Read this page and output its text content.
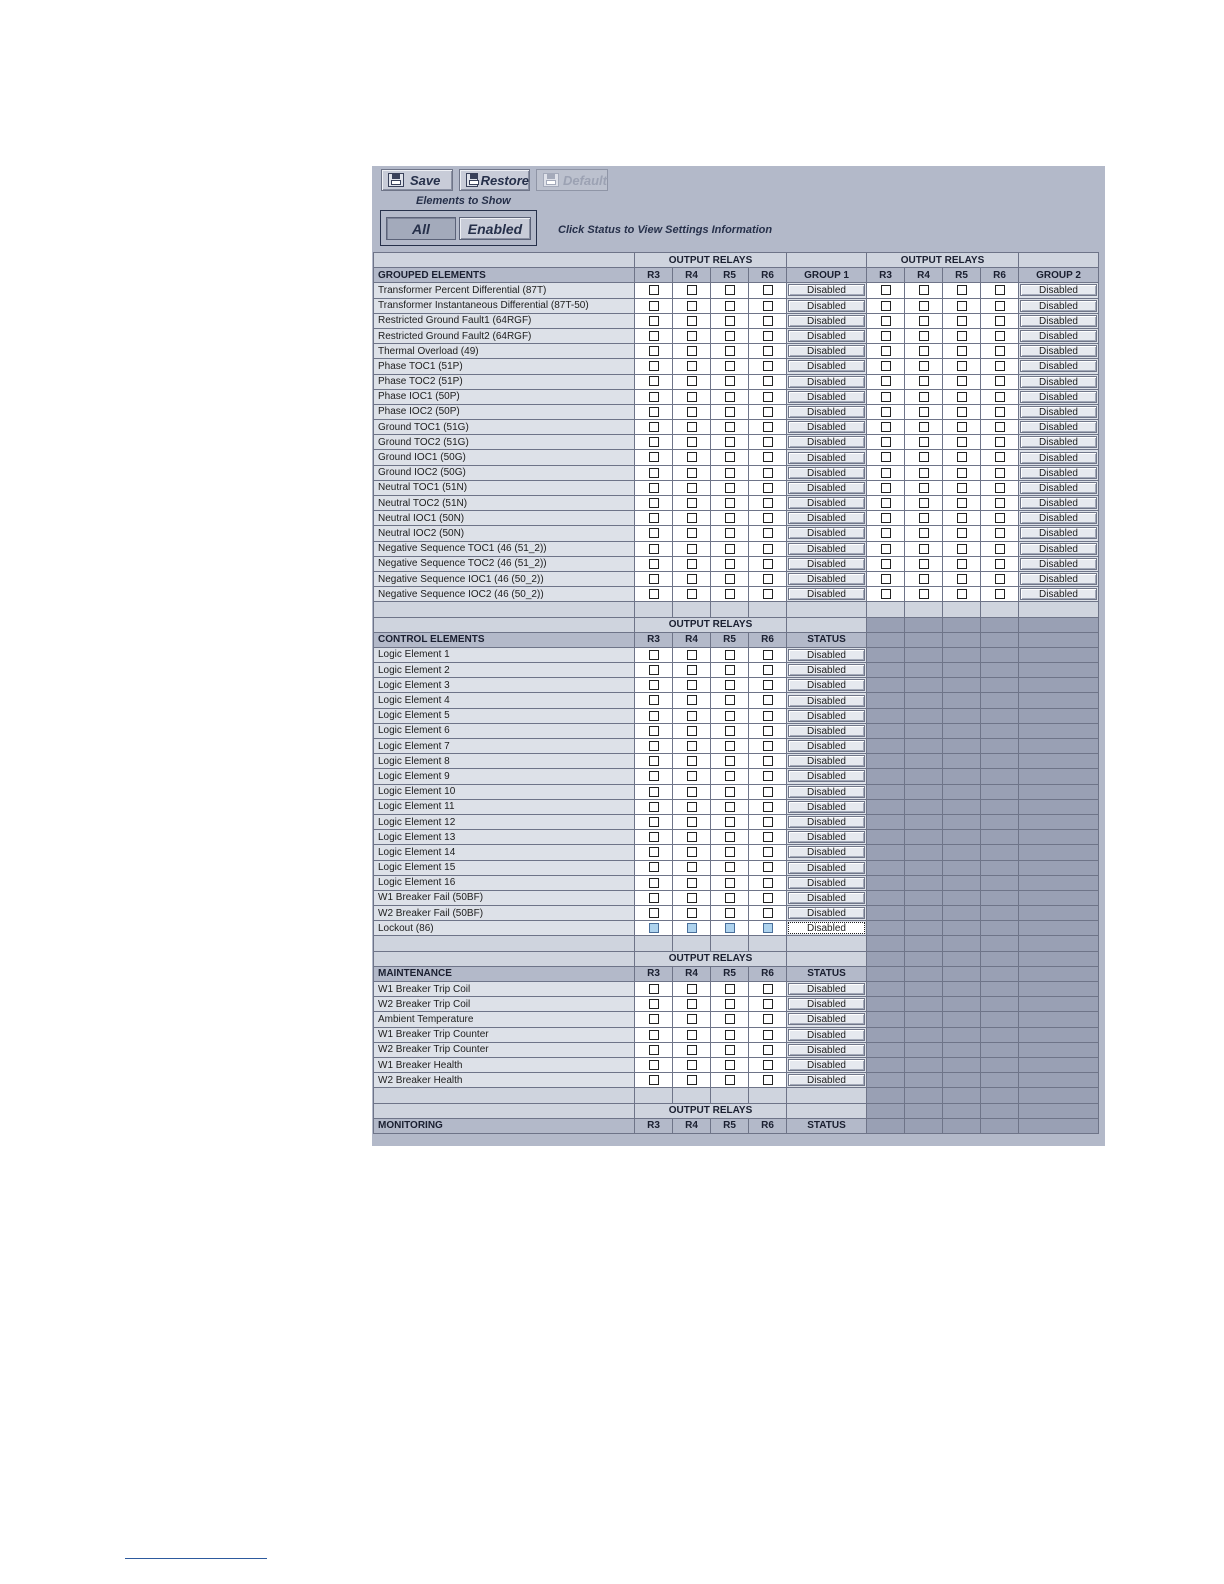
Save	Restore	Default
Elements to Show
All	Enabled	Click Status to View Settings Information
	OUTPUT RELAYS					OUTPUT RELAYS				
GROUPED ELEMENTS	R3	R4	R5	R6	GROUP 1	R3	R4	R5	R6	GROUP 2
Transformer Percent Differential (87T)					Disabled					Disabled

Transformer Instantaneous Differential (87T-50)					Disabled					Disabled

Restricted Ground Fault1 (64RGF)					Disabled					Disabled

Restricted Ground Fault2 (64RGF)					Disabled					Disabled

Thermal Overload (49)					Disabled					Disabled

Phase TOC1 (51P)					Disabled					Disabled

Phase TOC2 (51P)					Disabled					Disabled

Phase IOC1 (50P)					Disabled					Disabled

Phase IOC2 (50P)					Disabled					Disabled

Ground TOC1 (51G)					Disabled					Disabled

Ground TOC2 (51G)					Disabled					Disabled

Ground IOC1 (50G)					Disabled					Disabled

Ground IOC2 (50G)					Disabled					Disabled

Neutral TOC1 (51N)					Disabled					Disabled

Neutral TOC2 (51N)					Disabled					Disabled

Neutral IOC1 (50N)					Disabled					Disabled

Neutral IOC2 (50N)					Disabled					Disabled

Negative Sequence TOC1 (46 (51_2))					Disabled					Disabled

Negative Sequence TOC2 (46 (51_2))					Disabled					Disabled

Negative Sequence IOC1 (46 (50_2))					Disabled					Disabled

Negative Sequence IOC2 (46 (50_2))					Disabled					Disabled

	OUTPUT RELAYS									
CONTROL ELEMENTS	R3	R4	R5	R6	STATUS					
Logic Element 1					Disabled					

Logic Element 2					Disabled					

Logic Element 3					Disabled					

Logic Element 4					Disabled					

Logic Element 5					Disabled					

Logic Element 6					Disabled					

Logic Element 7					Disabled					

Logic Element 8					Disabled					

Logic Element 9					Disabled					

Logic Element 10					Disabled					

Logic Element 11					Disabled					

Logic Element 12					Disabled					

Logic Element 13					Disabled					

Logic Element 14					Disabled					

Logic Element 15					Disabled					

Logic Element 16					Disabled					

W1 Breaker Fail (50BF)					Disabled					

W2 Breaker Fail (50BF)					Disabled					

Lockout (86)					Disabled					

	OUTPUT RELAYS									
MAINTENANCE	R3	R4	R5	R6	STATUS					
W1 Breaker Trip Coil					Disabled					

W2 Breaker Trip Coil					Disabled					

Ambient Temperature					Disabled					

W1 Breaker Trip Counter					Disabled					

W2 Breaker Trip Counter					Disabled					

W1 Breaker Health					Disabled					

W2 Breaker Health					Disabled					

	OUTPUT RELAYS									
MONITORING	R3	R4	R5	R6	STATUS					
